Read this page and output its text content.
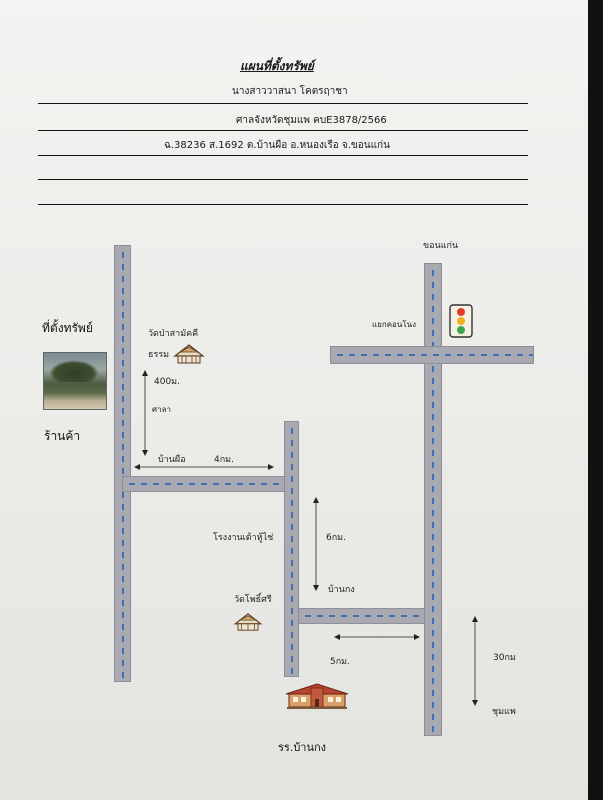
แผนที่ตั้งทรัพย์
นางสาววาสนา โคตรฤาชา
ศาลจังหวัดชุมแพ คบE3878/2566
ฉ.38236 ส.1692 ต.บ้านผือ อ.หนองเรือ จ.ขอนแก่น
ที่ตั้งทรัพย์
ร้านค้า
วัดป่าสามัคคี
ธรรม
400ม.
ศาลา
บ้านผือ	4กม.
โรงงานเต้าหู้ไช่	6กม.
บ้านกง
วัดโพธิ์ศรี
5กม.
รร.บ้านกง
ขอนแก่น
แยกคอนโนง
30กม
ชุมแพ
